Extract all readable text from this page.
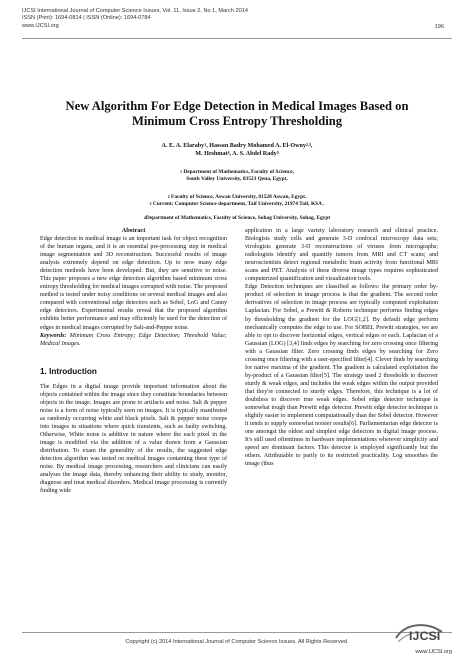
IJCSI International Journal of Computer Science Issues, Vol. 11, Issue 2, No 1, March 2014
ISSN (Print): 1694-0814 | ISSN (Online): 1694-0784
www.IJCSI.org	196
New Algorithm For Edge Detection in Medical Images Based on
Minimum Cross Entropy Thresholding
A. E. A. Elaraby$^1$, Hassan Badry Mohamed A. El-Owny$^{2,3}$,
M. Heshmat$^4$, A. S. Abdel Rady$^5$
$^1$ Department of Mathematics, Faculty of Science,
South Valley University, 83523 Qena, Egypt.
$^2$ Faculty of Science, Aswan University, 81528 Aswan, Egypt.
$^3$ Current: Computer Science department, Taif University, 21974 Taif, KSA .
$^4$Department of Mathematics, Faculty of Science, Sohag University, Sohag, Egypt
Abstract

Edge detection in medical image is an important task for object recognition of the human organs, and it is an essential pre-processing step in medical image segmentation and 3D reconstruction. Successful results of image analysis extremely depend on edge detection. Up to now many edge detection methods have been developed. But, they are sensitive to noise. This paper proposes a new edge detection algorithm based minimum cross entropy thresholding for medical images corrupted with noise. The proposed method is tested under noisy conditions on several medical images and also compared with conventional edge detectors such as Sobel, LoG and Canny edge detectors. Experimental results reveal that the proposed algorithm exhibits better performance and may efficiently be used for the detection of edges in medical images corrupted by Salt-and-Pepper noise.

Keywords: Minimum Cross Entropy; Edge Detection; Threshold Value; Medical Images.

1. Introduction

The Edges in a digital image provide important information about the objects contained within the image since they constitute boundaries between objects in the image. Images are prone to artifacts and noise. Salt & pepper noise is a form of noise typically seen on images. It is typically manifested as randomly occurring white and black pixels. Salt & pepper noise creeps into images in situations where quick transients, such as faulty switching. Otherwise, White noise is additive in nature where the each pixel in the image is modified via the addition of a value drawn from a Gaussian distribution. To exam the generality of the results, the suggested edge detection algorithm was tested on medical images containing these type of noise. By medical image processing, researchers and clinicians can easily analyses the image data, thereby enhancing their ability to study, monitor, diagnose and treat medical disorders. Medical image processing is currently finding wide

application in a large variety laboratory research and clinical practice. Biologists study cells and generate 3-D confocal microscopy data sets; virologists generate 3-D reconstructions of viruses from micrographs; radiologists identify and quantify tumors from MRI and CT scans; and neuroscientists detect regional metabolic brain activity from functional MRI scans and PET. Analysis of these diverse image types requires sophisticated computerized quantification and visualization tools.

Edge Detection techniques are classified as follows: the primary order by-product of selection in image process is that the gradient. The second order derivatives of selection in image process are typically computed exploitation Laplacian. For Sobel, a Prewitt & Roberts technique performs finding edges by thresholding the gradient for the LOG[1,2]. By default edge perform mechanically computes the edge to use. For SOBEL Prewitt strategies, we are able to opt to discover horizontal edges, vertical edges or each. Laplacian of a Gaussian (LOG) [3,4] finds edges by searching for zero crossing once filtering with a Gaussian filter. Zero crossing finds edges by searching for Zero crossing once filtering with a user-specified filter[4]. Clever finds by searching for native maxima of the gradient. The gradient is calculated exploitation the by-product of a Gaussian filter[5]. The strategy used 2 thresholds to discover sturdy & weak edges, and includes the weak edges within the output provided that they're connected to sturdy edges. Therefore, this technique is a lot of doubtless to discover true weak edges. Sobel edge detector technique is somewhat tough than Prewitt edge detector. Prewitt edge detector technique is slightly easier to implement computationally than the Sobel detector. However it tends to supply somewhat noisier results[6]. Parliamentarian edge detector is one amongst the oldest and simplest edge detectors in digital image process. It's still used oftentimes in hardware implementations wherever simplicity and speed are dominant factors. This detector is employed significantly but the others. Attributable to partly to its restricted practicality. Log smoothes the image (thus

Copyright (c) 2014 International Journal of Computer Science Issues. All Rights Reserved.	IJCSI
www.IJCSI.org
